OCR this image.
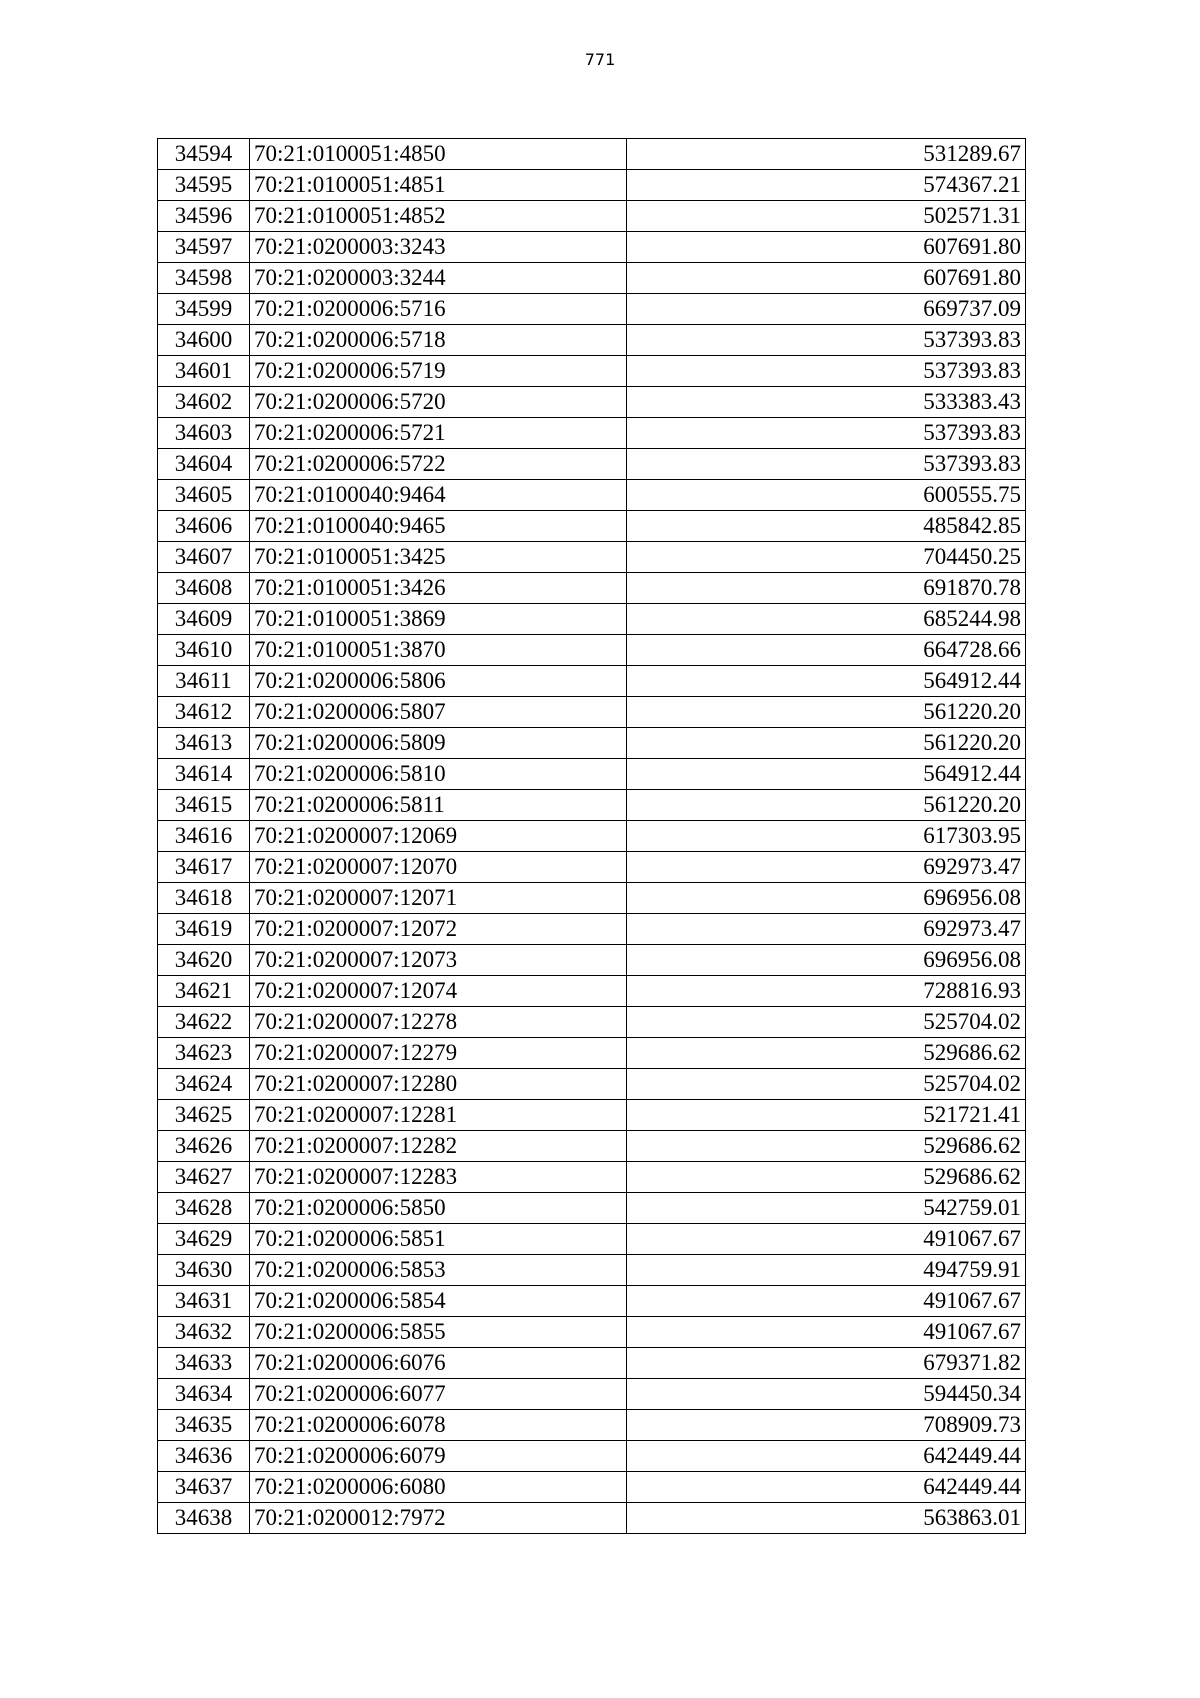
771
34594	70:21:0100051:4850	531289.67
34595	70:21:0100051:4851	574367.21
34596	70:21:0100051:4852	502571.31
34597	70:21:0200003:3243	607691.80
34598	70:21:0200003:3244	607691.80
34599	70:21:0200006:5716	669737.09
34600	70:21:0200006:5718	537393.83
34601	70:21:0200006:5719	537393.83
34602	70:21:0200006:5720	533383.43
34603	70:21:0200006:5721	537393.83
34604	70:21:0200006:5722	537393.83
34605	70:21:0100040:9464	600555.75
34606	70:21:0100040:9465	485842.85
34607	70:21:0100051:3425	704450.25
34608	70:21:0100051:3426	691870.78
34609	70:21:0100051:3869	685244.98
34610	70:21:0100051:3870	664728.66
34611	70:21:0200006:5806	564912.44
34612	70:21:0200006:5807	561220.20
34613	70:21:0200006:5809	561220.20
34614	70:21:0200006:5810	564912.44
34615	70:21:0200006:5811	561220.20
34616	70:21:0200007:12069	617303.95
34617	70:21:0200007:12070	692973.47
34618	70:21:0200007:12071	696956.08
34619	70:21:0200007:12072	692973.47
34620	70:21:0200007:12073	696956.08
34621	70:21:0200007:12074	728816.93
34622	70:21:0200007:12278	525704.02
34623	70:21:0200007:12279	529686.62
34624	70:21:0200007:12280	525704.02
34625	70:21:0200007:12281	521721.41
34626	70:21:0200007:12282	529686.62
34627	70:21:0200007:12283	529686.62
34628	70:21:0200006:5850	542759.01
34629	70:21:0200006:5851	491067.67
34630	70:21:0200006:5853	494759.91
34631	70:21:0200006:5854	491067.67
34632	70:21:0200006:5855	491067.67
34633	70:21:0200006:6076	679371.82
34634	70:21:0200006:6077	594450.34
34635	70:21:0200006:6078	708909.73
34636	70:21:0200006:6079	642449.44
34637	70:21:0200006:6080	642449.44
34638	70:21:0200012:7972	563863.01
